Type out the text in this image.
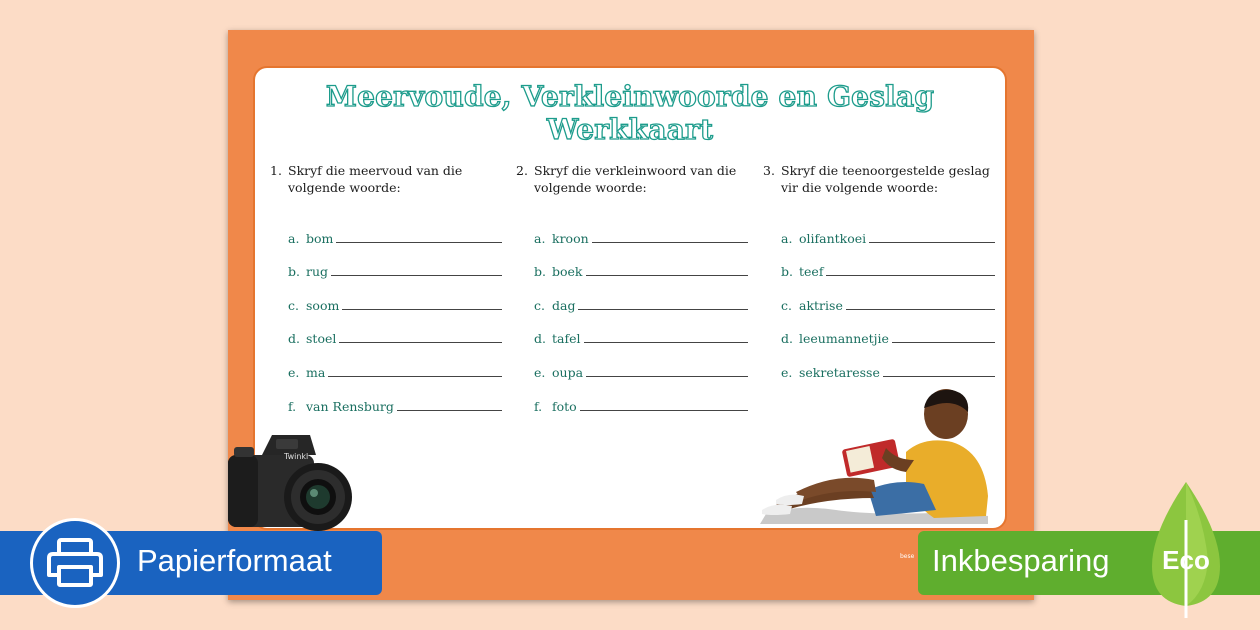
Meervoude, Verkleinwoorde en Geslag Werkkaart
1. Skryf die meervoud van die volgende woorde:
a. bom
b. rug
c. soom
d. stoel
e. ma
f. van Rensburg
2. Skryf die verkleinwoord van die volgende woorde:
a. kroon
b. boek
c. dag
d. tafel
e. oupa
f. foto
3. Skryf die teenoorgestelde geslag vir die volgende woorde:
a. olifantkoei
b. teef
c. aktrise
d. leeumannetjie
e. sekretaresse
Twinkl
bese
Papierformaat	Inkbesparing Eco
